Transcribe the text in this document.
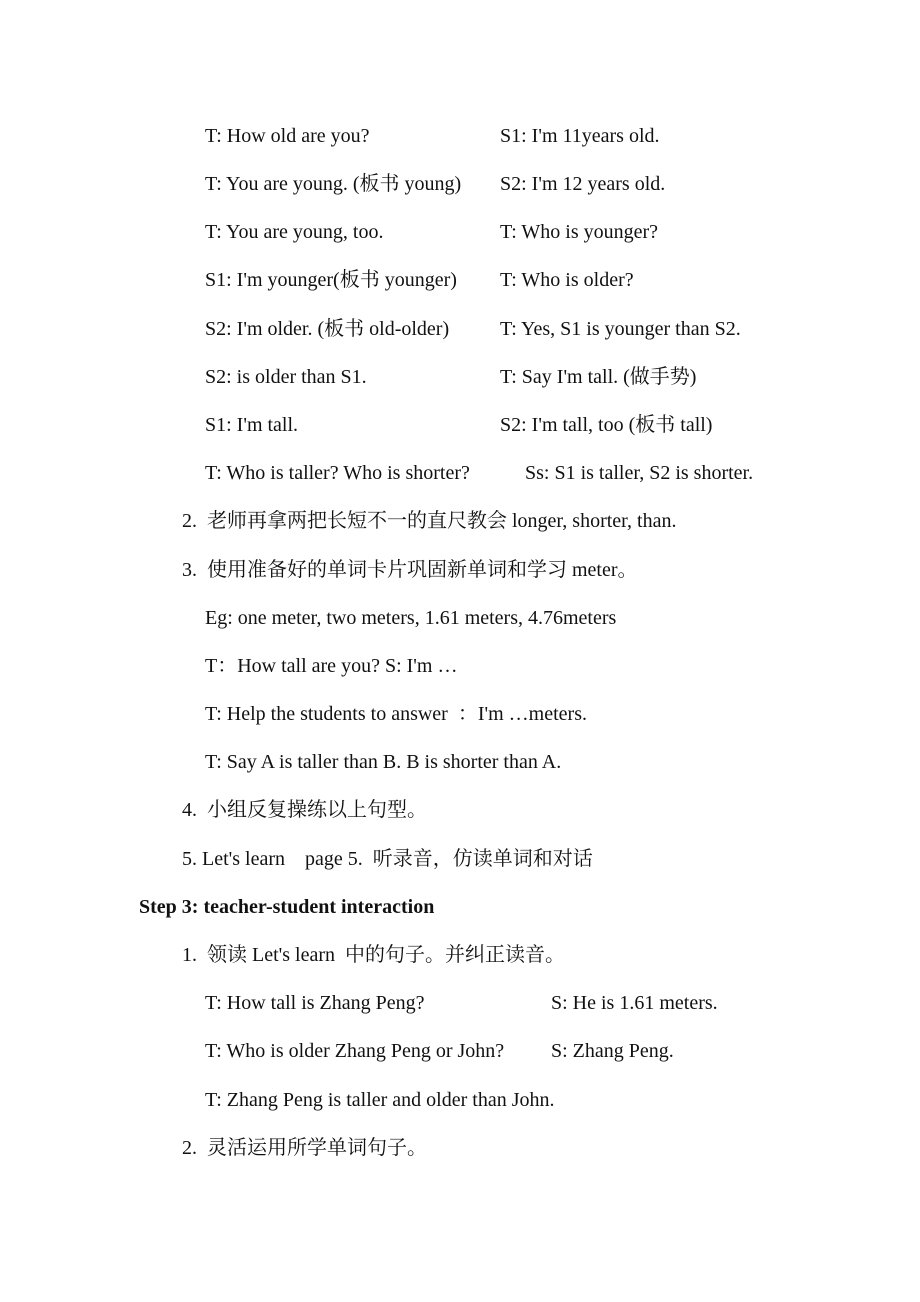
T: How old are you?	S1: I'm 11years old.
T: You are young. (板书 young) S2: I'm 12 years old.
T: You are young, too.	T: Who is younger?
S1: I'm younger(板书 younger) T: Who is older?
S2: I'm older. (板书 old-older)	T: Yes, S1 is younger than S2.
S2: is older than S1.	T: Say I'm tall. (做手势)
S1: I'm tall.	S2: I'm tall, too (板书 tall)
T: Who is taller? Who is shorter?	Ss: S1 is taller, S2 is shorter.
2.  老师再拿两把长短不一的直尺教会 longer, shorter, than.
3.  使用准备好的单词卡片巩固新单词和学习 meter。
Eg: one meter, two meters, 1.61 meters, 4.76meters
T：How tall are you? S: I'm …
T: Help the students to answer  ：I'm …meters.
T: Say A is taller than B. B is shorter than A.
4.  小组反复操练以上句型。
5. Let's learn    page 5.  听录音，仿读单词和对话
Step 3: teacher-student interaction
1.  领读 Let's learn  中的句子。并纠正读音。
T: How tall is Zhang Peng?	S: He is 1.61 meters.
T: Who is older Zhang Peng or John? S: Zhang Peng.
T: Zhang Peng is taller and older than John.
2.  灵活运用所学单词句子。
